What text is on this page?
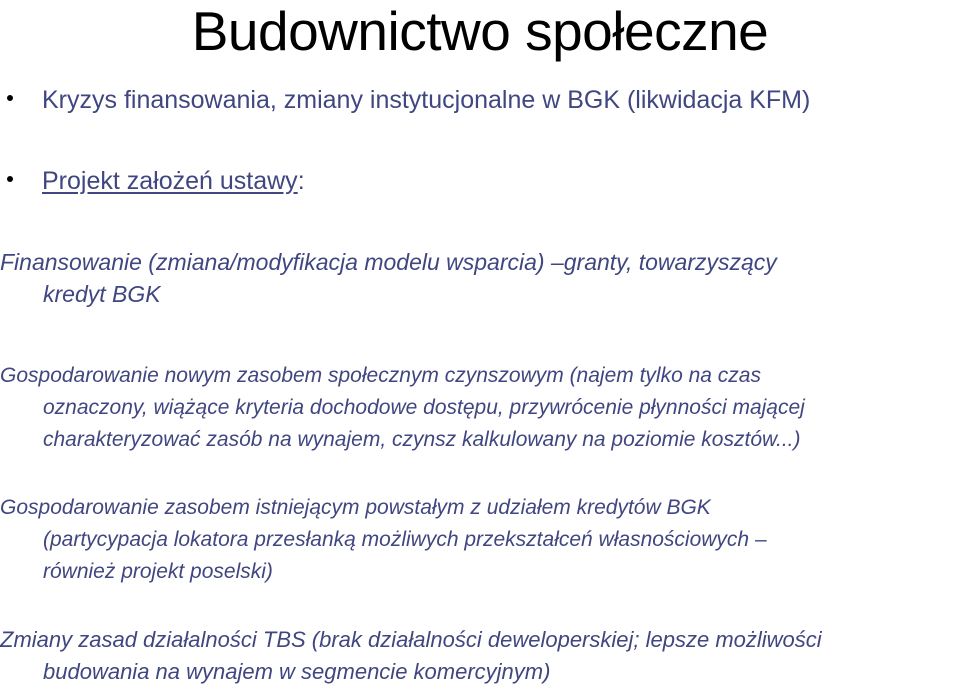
Budownictwo społeczne
Kryzys finansowania, zmiany instytucjonalne w BGK (likwidacja KFM)
Projekt założeń ustawy:
Finansowanie (zmiana/modyfikacja modelu wsparcia) –granty, towarzyszący
kredyt BGK
Gospodarowanie nowym zasobem społecznym czynszowym (najem tylko na czas
oznaczony, wiążące kryteria dochodowe dostępu, przywrócenie płynności mającej
charakteryzować zasób na wynajem, czynsz kalkulowany na poziomie kosztów...)
Gospodarowanie zasobem istniejącym powstałym z udziałem kredytów BGK
(partycypacja lokatora przesłanką możliwych przekształceń własnościowych –
również projekt poselski)
Zmiany zasad działalności TBS (brak działalności deweloperskiej; lepsze możliwości
budowania na wynajem w segmencie komercyjnym)
